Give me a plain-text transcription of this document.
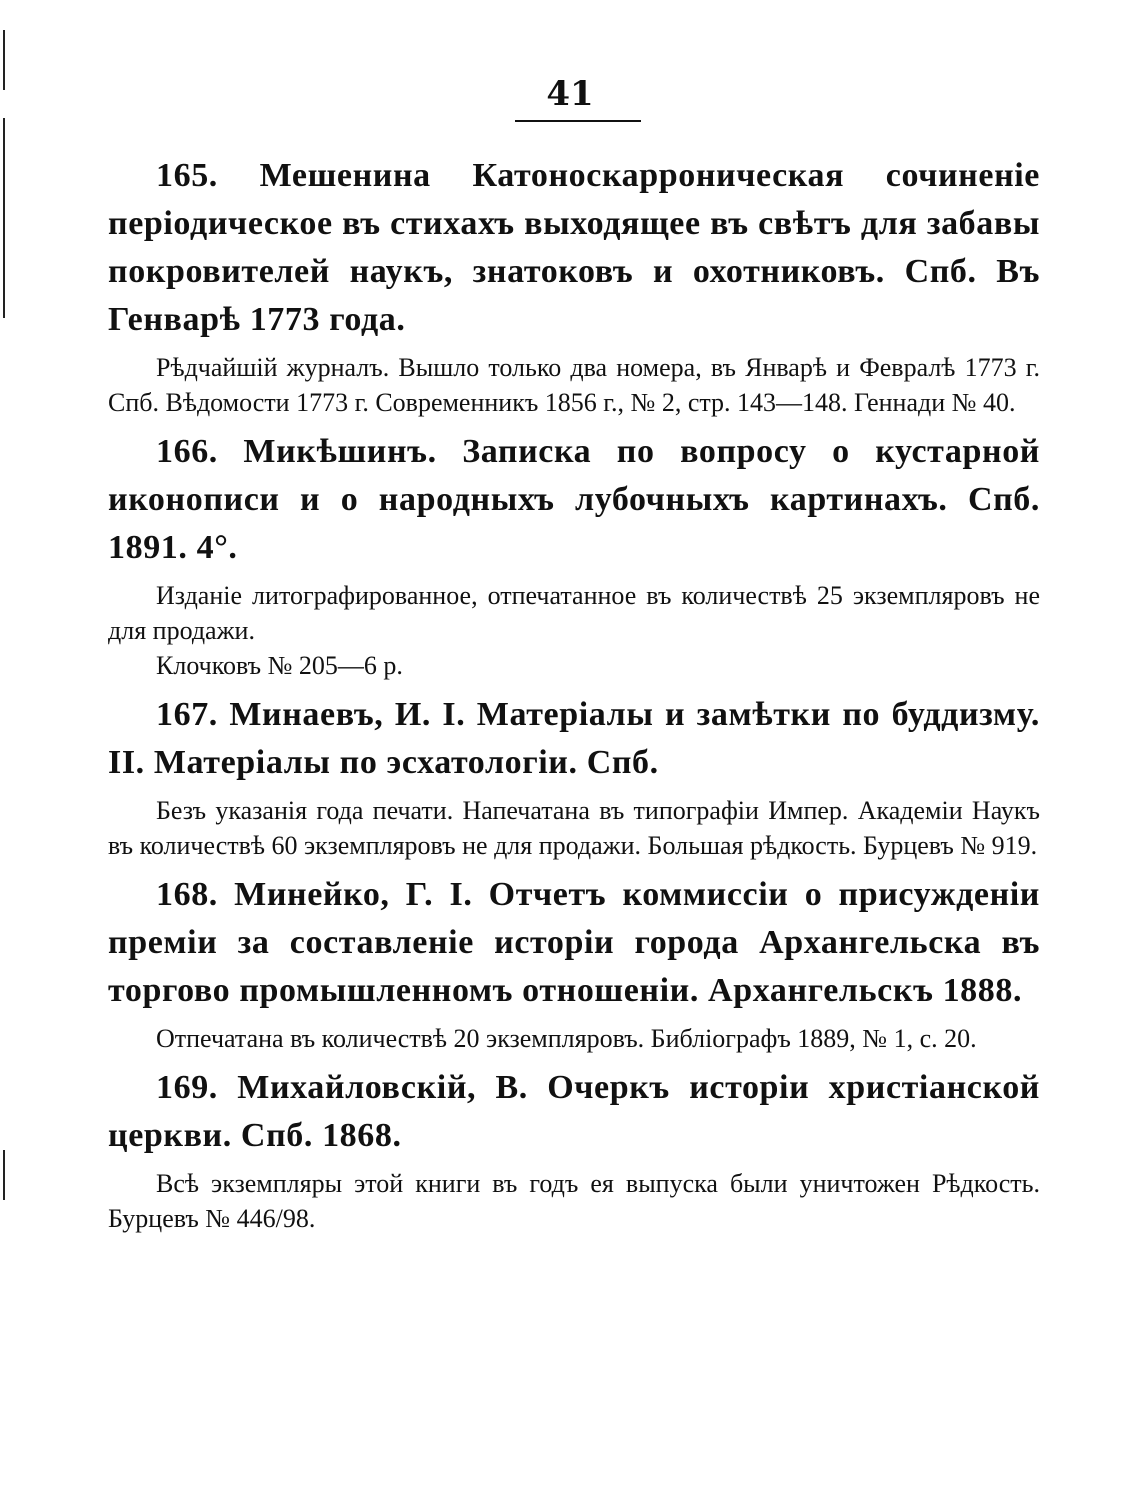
41

165. Мешенина Катоноскарроническая сочиненіе періодическое въ стихахъ выходящее въ свѣтъ для забавы покровителей наукъ, знатоковъ и охотниковъ. Спб. Въ Генварѣ 1773 года.

Рѣдчайшій журналъ. Вышло только два номера, въ Январѣ и Февралѣ 1773 г. Спб. Вѣдомости 1773 г. Современникъ 1856 г., № 2, стр. 143—148. Геннади № 40.

166. Микѣшинъ. Записка по вопросу о кустарной иконописи и о народныхъ лубочныхъ картинахъ. Спб. 1891. 4°.

Изданіе литографированное, отпечатанное въ количествѣ 25 экземпляровъ не для продажи.

Клочковъ № 205—6 р.

167. Минаевъ, И. І. Матеріалы и замѣтки по буддизму. II. Матеріалы по эсхатологіи. Спб.

Безъ указанія года печати. Напечатана въ типографіи Импер. Академіи Наукъ въ количествѣ 60 экземпляровъ не для продажи. Большая рѣдкость. Бурцевъ № 919.

168. Минейко, Г. І. Отчетъ коммиссіи о присужденіи преміи за составленіе исторіи города Архангельска въ торгово промышленномъ отношеніи. Архангельскъ 1888.

Отпечатана въ количествѣ 20 экземпляровъ. Библіографъ 1889, № 1, с. 20.

169. Михайловскій, В. Очеркъ исторіи христіанской церкви. Спб. 1868.

Всѣ экземпляры этой книги въ годъ ея выпуска были уничтожен Рѣдкость. Бурцевъ № 446/98.
